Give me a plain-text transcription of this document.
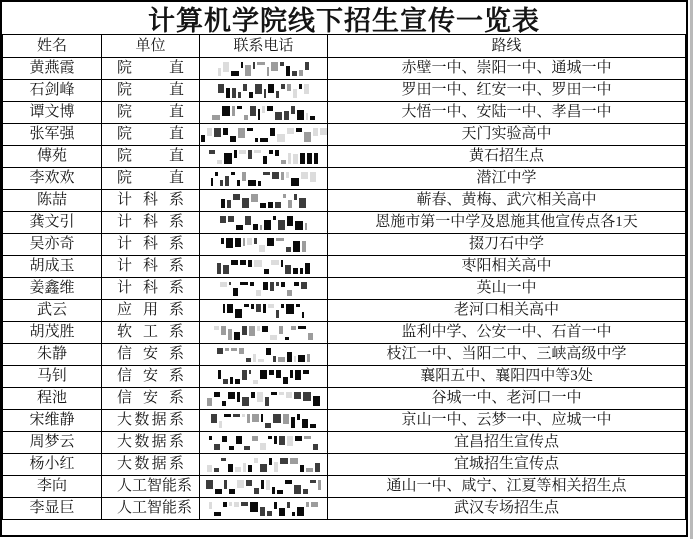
计算机学院线下招生宣传一览表
姓名	单位	联系电话	路线
黄燕霞	院直		赤壁一中、崇阳一中、通城一中
石剑峰	院直		罗田一中、红安一中、罗田一中
谭文博	院直		大悟一中、安陆一中、孝昌一中
张军强	院直		天门实验高中
傅苑	院直		黄石招生点
李欢欢	院直		潜江中学
陈喆	计科系		蕲春、黄梅、武穴相关高中
龚文引	计科系		恩施市第一中学及恩施其他宣传点各1天
吴亦奇	计科系		掇刀石中学
胡成玉	计科系		枣阳相关高中
姜鑫维	计科系		英山一中
武云	应用系		老河口相关高中
胡茂胜	软工系		监利中学、公安一中、石首一中
朱静	信安系		枝江一中、当阳二中、三峡高级中学
马钊	信安系		襄阳五中、襄阳四中等3处
程池	信安系		谷城一中、老河口一中
宋维静	大数据系		京山一中、云梦一中、应城一中
周梦云	大数据系		宜昌招生宣传点
杨小红	大数据系		宜城招生宣传点
李向	人工智能系		通山一中、咸宁、江夏等相关招生点
李显巨	人工智能系		武汉专场招生点
